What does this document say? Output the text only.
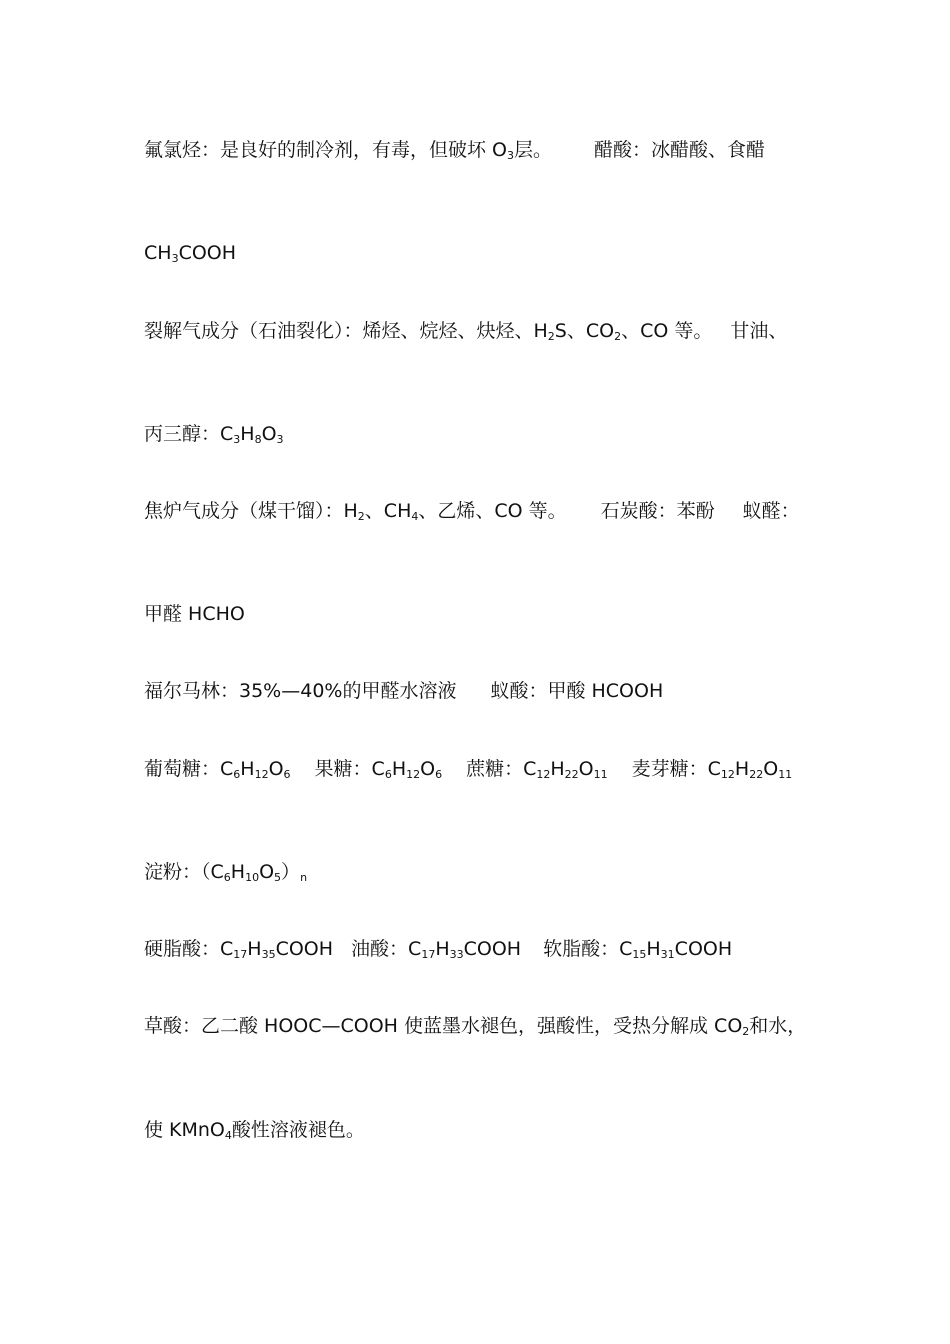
氟氯烃：是良好的制冷剂，有毒，但破坏 $O_3$层。 醋酸：冰醋酸、食醋
$CH_3COOH$
裂解气成分（石油裂化）：烯烃、烷烃、炔烃、$H_2S$、$CO_2$、CO 等。 甘油、
丙三醇：$C_3H_8O_3$
焦炉气成分（煤干馏）：$H_2$、$CH_4$、乙烯、CO 等。 石炭酸：苯酚 蚁醛：
甲醛 HCHO
福尔马林：35%—40%的甲醛水溶液 蚁酸：甲酸 HCOOH
葡萄糖：$C_6H_{12}O_6$ 果糖：$C_6H_{12}O_6$ 蔗糖：$C_{12}H_{22}O_{11}$ 麦芽糖：$C_{12}H_{22}O_{11}$
淀粉：$(C_6H_{10}O_5)_n$
硬脂酸：$C_{17}H_{35}COOH$ 油酸：$C_{17}H_{33}COOH$ 软脂酸：$C_{15}H_{31}COOH$
草酸：乙二酸 HOOC—COOH 使蓝墨水褪色，强酸性，受热分解成 $CO_2$和水，
使 KMnO$_4$酸性溶液褪色。
